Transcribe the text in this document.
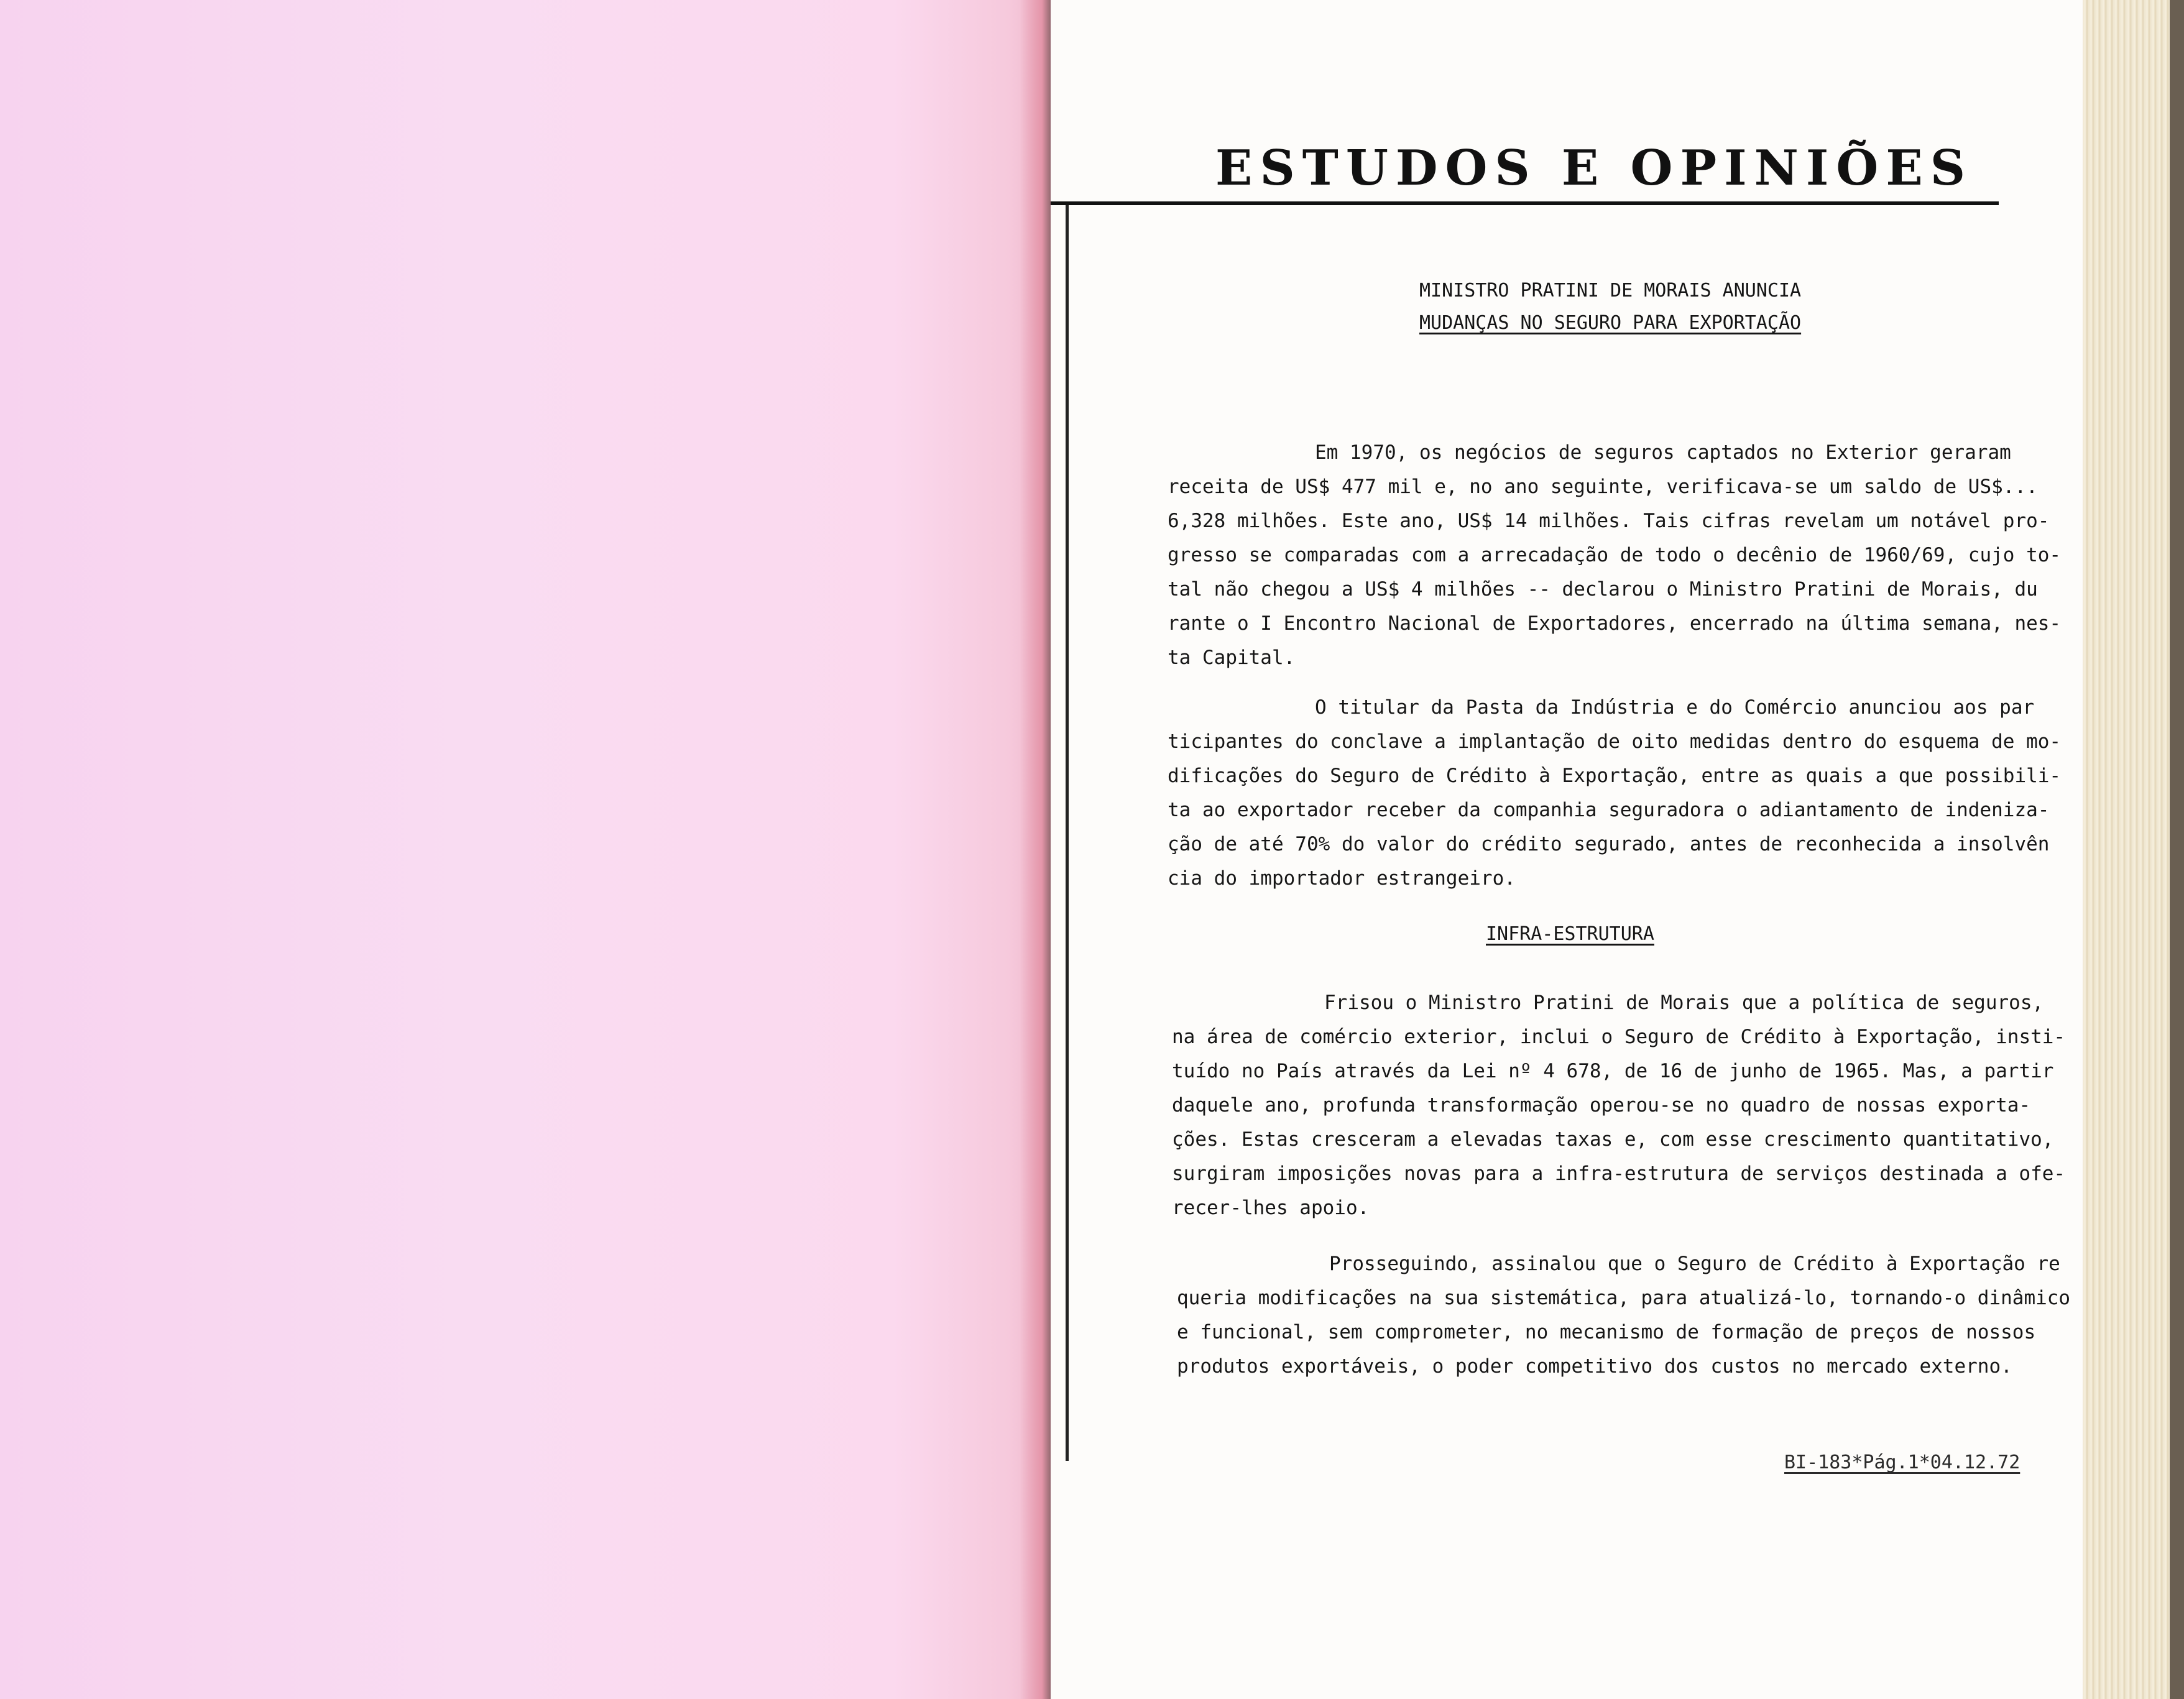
ESTUDOS E OPINIÕES
MINISTRO PRATINI DE MORAIS ANUNCIA
MUDANÇAS NO SEGURO PARA EXPORTAÇÃO
Em 1970, os negócios de seguros captados no Exterior geraram
receita de US$ 477 mil e, no ano seguinte, verificava-se um saldo de US$...
6,328 milhões. Este ano, US$ 14 milhões. Tais cifras revelam um notável pro-
gresso se comparadas com a arrecadação de todo o decênio de 1960/69, cujo to-
tal não chegou a US$ 4 milhões -- declarou o Ministro Pratini de Morais, du
rante o I Encontro Nacional de Exportadores, encerrado na última semana, nes-
ta Capital.
O titular da Pasta da Indústria e do Comércio anunciou aos par
ticipantes do conclave a implantação de oito medidas dentro do esquema de mo-
dificações do Seguro de Crédito à Exportação, entre as quais a que possibili-
ta ao exportador receber da companhia seguradora o adiantamento de indeniza-
ção de até 70% do valor do crédito segurado, antes de reconhecida a insolvên
cia do importador estrangeiro.
INFRA-ESTRUTURA
Frisou o Ministro Pratini de Morais que a política de seguros,
na área de comércio exterior, inclui o Seguro de Crédito à Exportação, insti-
tuído no País através da Lei nº 4 678, de 16 de junho de 1965. Mas, a partir
daquele ano, profunda transformação operou-se no quadro de nossas exporta-
ções. Estas cresceram a elevadas taxas e, com esse crescimento quantitativo,
surgiram imposições novas para a infra-estrutura de serviços destinada a ofe-
recer-lhes apoio.
Prosseguindo, assinalou que o Seguro de Crédito à Exportação re
queria modificações na sua sistemática, para atualizá-lo, tornando-o dinâmico
e funcional, sem comprometer, no mecanismo de formação de preços de nossos
produtos exportáveis, o poder competitivo dos custos no mercado externo.
BI-183*Pág.1*04.12.72
